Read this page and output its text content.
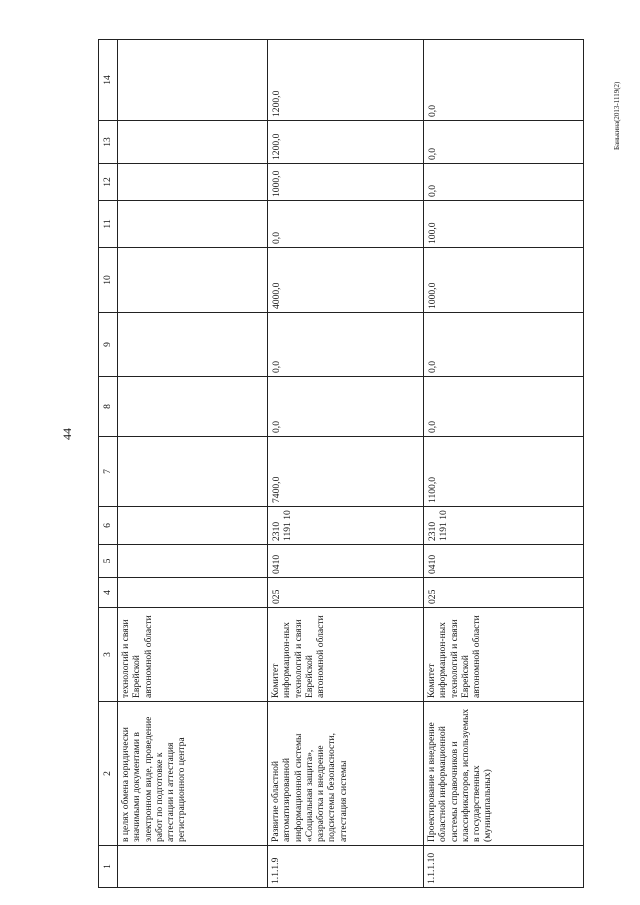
44
Банькина(2013-1119(2)
1	2	3	4	5	6	7	8	9	10	11	12	13	14
	в целях обмена юридически значимыми документами в электронном виде, проведение работ по подготовке к аттестации и аттестация регистрационного центра	технологий и связи Еврейской автономной области											
1.1.1.9	Развитие областной автоматизированной информационной системы «Социальная защита», разработка и внедрение подсистемы безопасности, аттестация системы	Комитет информацион-ных технологий и связи Еврейской автономной области	025	0410	2310 1191 10	7400,0	0,0	0,0	4000,0	0,0	1000,0	1200,0	1200,0
1.1.1.10	Проектирование и внедрение областной информационной системы справочников и классификаторов, используемых в государственных (муниципальных)	Комитет информацион-ных технологий и связи Еврейской автономной области	025	0410	2310 1191 10	1100,0	0,0	0,0	1000,0	100,0	0,0	0,0	0,0
